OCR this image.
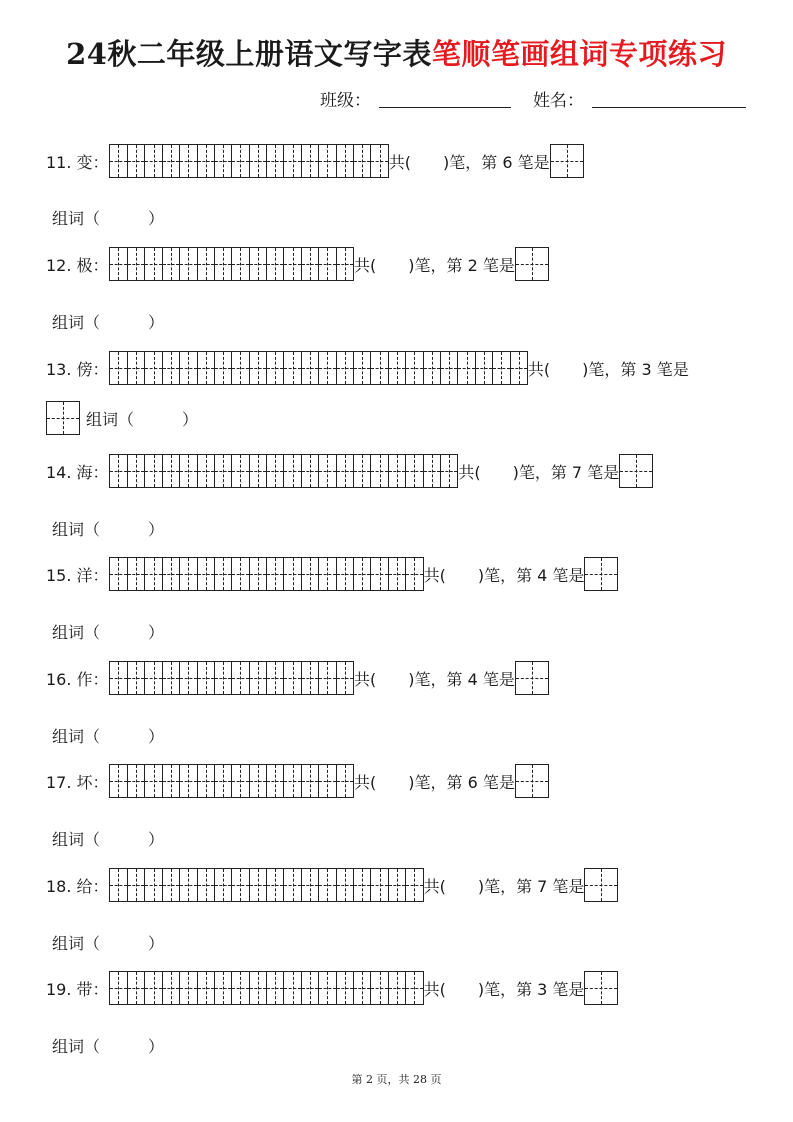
24秋二年级上册语文写字表笔顺笔画组词专项练习
班级：	姓名：
11. 变：	共(　　)笔，第 6 笔是
组词（　　　）
12. 极：	共(　　)笔，第 2 笔是
组词（　　　）
13. 傍：	共(　　)笔，第 3 笔是
组词（　　　）
14. 海：	共(　　)笔，第 7 笔是
组词（　　　）
15. 洋：	共(　　)笔，第 4 笔是
组词（　　　）
16. 作：	共(　　)笔，第 4 笔是
组词（　　　）
17. 坏：	共(　　)笔，第 6 笔是
组词（　　　）
18. 给：	共(　　)笔，第 7 笔是
组词（　　　）
19. 带：	共(　　)笔，第 3 笔是
组词（　　　）
第 2 页，共 28 页
